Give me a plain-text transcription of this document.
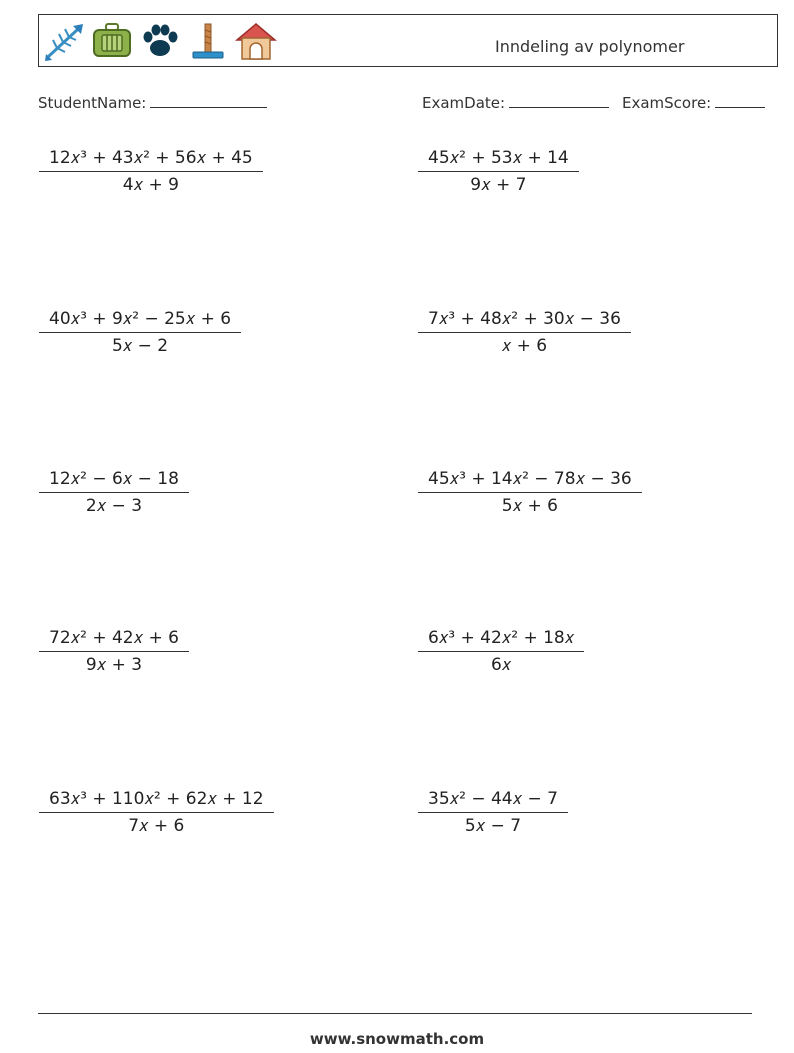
Inndeling av polynomer
StudentName:	ExamDate:	ExamScore:
$\frac{\text{12𝑥³ + 43𝑥² + 56𝑥 + 45}}{\text{4𝑥 + 9}}$	$\frac{\text{45𝑥² + 53𝑥 + 14}}{\text{9𝑥 + 7}}$
$\frac{\text{40𝑥³ + 9𝑥² − 25𝑥 + 6}}{\text{5𝑥 − 2}}$	$\frac{\text{7𝑥³ + 48𝑥² + 30𝑥 − 36}}{\text{𝑥 + 6}}$
$\frac{\text{12𝑥² − 6𝑥 − 18}}{\text{2𝑥 − 3}}$	$\frac{\text{45𝑥³ + 14𝑥² − 78𝑥 − 36}}{\text{5𝑥 + 6}}$
$\frac{\text{72𝑥² + 42𝑥 + 6}}{\text{9𝑥 + 3}}$	$\frac{\text{6𝑥³ + 42𝑥² + 18𝑥}}{\text{6𝑥}}$
$\frac{\text{63𝑥³ + 110𝑥² + 62𝑥 + 12}}{\text{7𝑥 + 6}}$	$\frac{\text{35𝑥² − 44𝑥 − 7}}{\text{5𝑥 − 7}}$
www.snowmath.com
